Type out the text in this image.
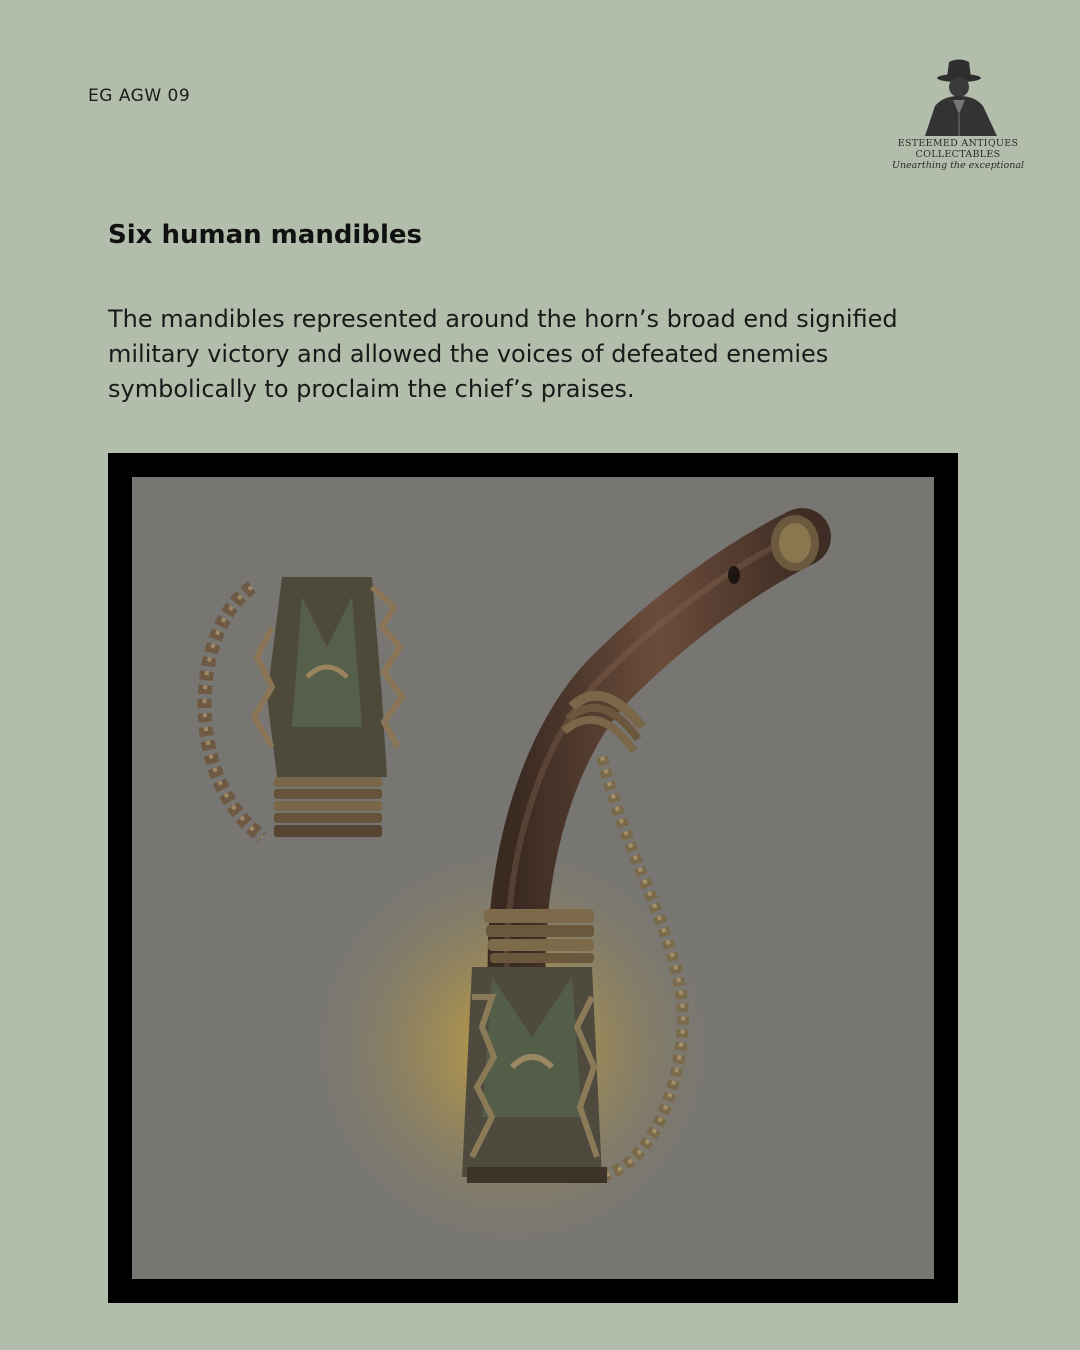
EG AGW 09
ESTEEMED ANTIQUES
COLLECTABLES
Unearthing the exceptional
Six human mandibles
The mandibles represented around the horn’s broad end signified military victory and allowed the voices of defeated enemies symbolically to proclaim the chief’s praises.
